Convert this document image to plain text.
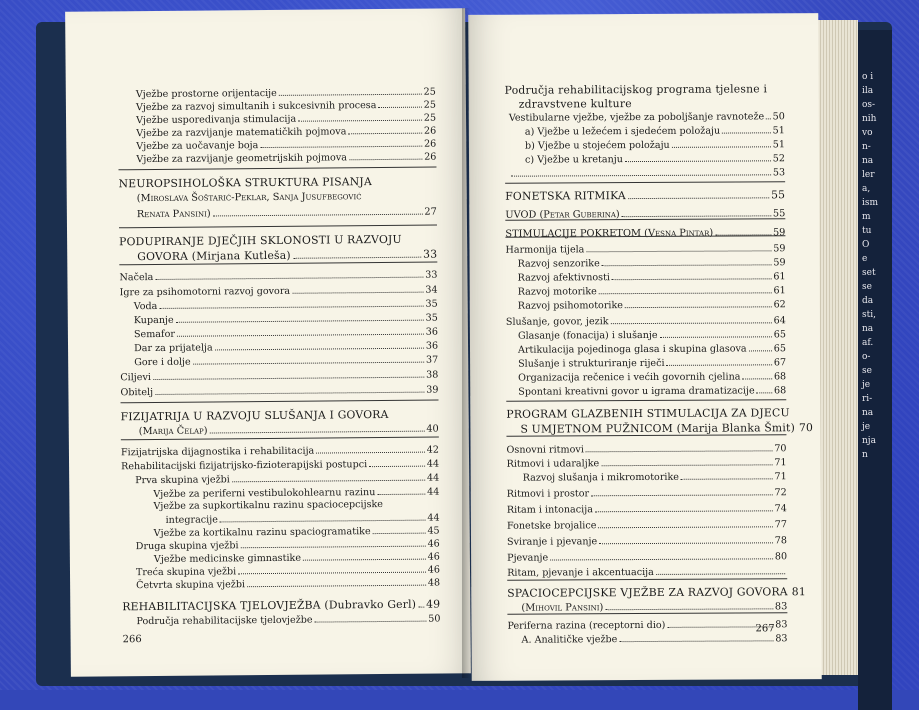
o i
ila
os-
nih
vo
n-
na
ler
a,
ism
m
tu
O
e
set
se
da
sti,
na
af.
o-
se
je
ri-
na
je
nja
n
Vježbe prostorne orijentacije	25
Vježbe za razvoj simultanih i sukcesivnih procesa	25
Vježbe usporedivanja stimulacija	25
Vježbe za razvijanje matematičkih pojmova	26
Vježbe za uočavanje boja	26
Vježbe za razvijanje geometrijskih pojmova	26
NEUROPSIHOLOŠKA STRUKTURA PISANJA
(Miroslava Šoštarić-Peklar, Sanja Jusufbegović
Renata Pansini)	27
PODUPIRANJE DJEČJIH SKLONOSTI U RAZVOJU
GOVORA (Mirjana Kutleša)	33
Načela	33
Igre za psihomotorni razvoj govora	34
Voda	35
Kupanje	35
Semafor	36
Dar za prijatelja	36
Gore i dolje	37
Ciljevi	38
Obitelj	39
FIZIJATRIJA U RAZVOJU SLUŠANJA I GOVORA
(Marija Čelap)	40
Fizijatrijska dijagnostika i rehabilitacija	42
Rehabilitacijski fizijatrijsko-fizioterapijski postupci	44
Prva skupina vježbi	44
Vježbe za periferni vestibulokohlearnu razinu	44
Vježbe za supkortikalnu razinu spaciocepcijske
integracije	44
Vježbe za kortikalnu razinu spaciogramatike	45
Druga skupina vježbi	46
Vježbe medicinske gimnastike	46
Treća skupina vježbi	46
Četvrta skupina vježbi	48
REHABILITACIJSKA TJELOVJEŽBA (Dubravko Gerl) 49
Područja rehabilitacijske tjelovježbe	50
266
Područja rehabilitacijskog programa tjelesne i
zdravstvene kulture
Vestibularne vježbe, vježbe za poboljšanje ravnoteže 50
a) Vježbe u ležećem i sjedećem položaju	51
b) Vježbe u stojećem položaju	51
c) Vježbe u kretanju	52
53
FONETSKA RITMIKA	55
UVOD (Petar Guberina)	55
STIMULACIJE POKRETOM (Vesna Pintar)	59
Harmonija tijela	59
Razvoj senzorike	59
Razvoj afektivnosti	61
Razvoj motorike	61
Razvoj psihomotorike	62
Slušanje, govor, jezik	64
Glasanje (fonacija) i slušanje	65
Artikulacija pojedinoga glasa i skupina glasova	65
Slušanje i strukturiranje riječi	67
Organizacija rečenice i većih govornih cjelina	68
Spontani kreativni govor u igrama dramatizacije 68
PROGRAM GLAZBENIH STIMULACIJA ZA DJECU
S UMJETNOM PUŽNICOM (Marija Blanka Šmit) 70
Osnovni ritmovi	70
Ritmovi i udaraljke	71
Razvoj slušanja i mikromotorike	71
Ritmovi i prostor	72
Ritam i intonacija	74
Fonetske brojalice	77
Sviranje i pjevanje	78
Pjevanje	80
Ritam, pjevanje i akcentuacija
SPACIOCEPCIJSKE VJEŽBE ZA RAZVOJ GOVORA 81
(Mihovil Pansini)	83
Periferna razina (receptorni dio)	83
A. Analitičke vježbe	83
267
